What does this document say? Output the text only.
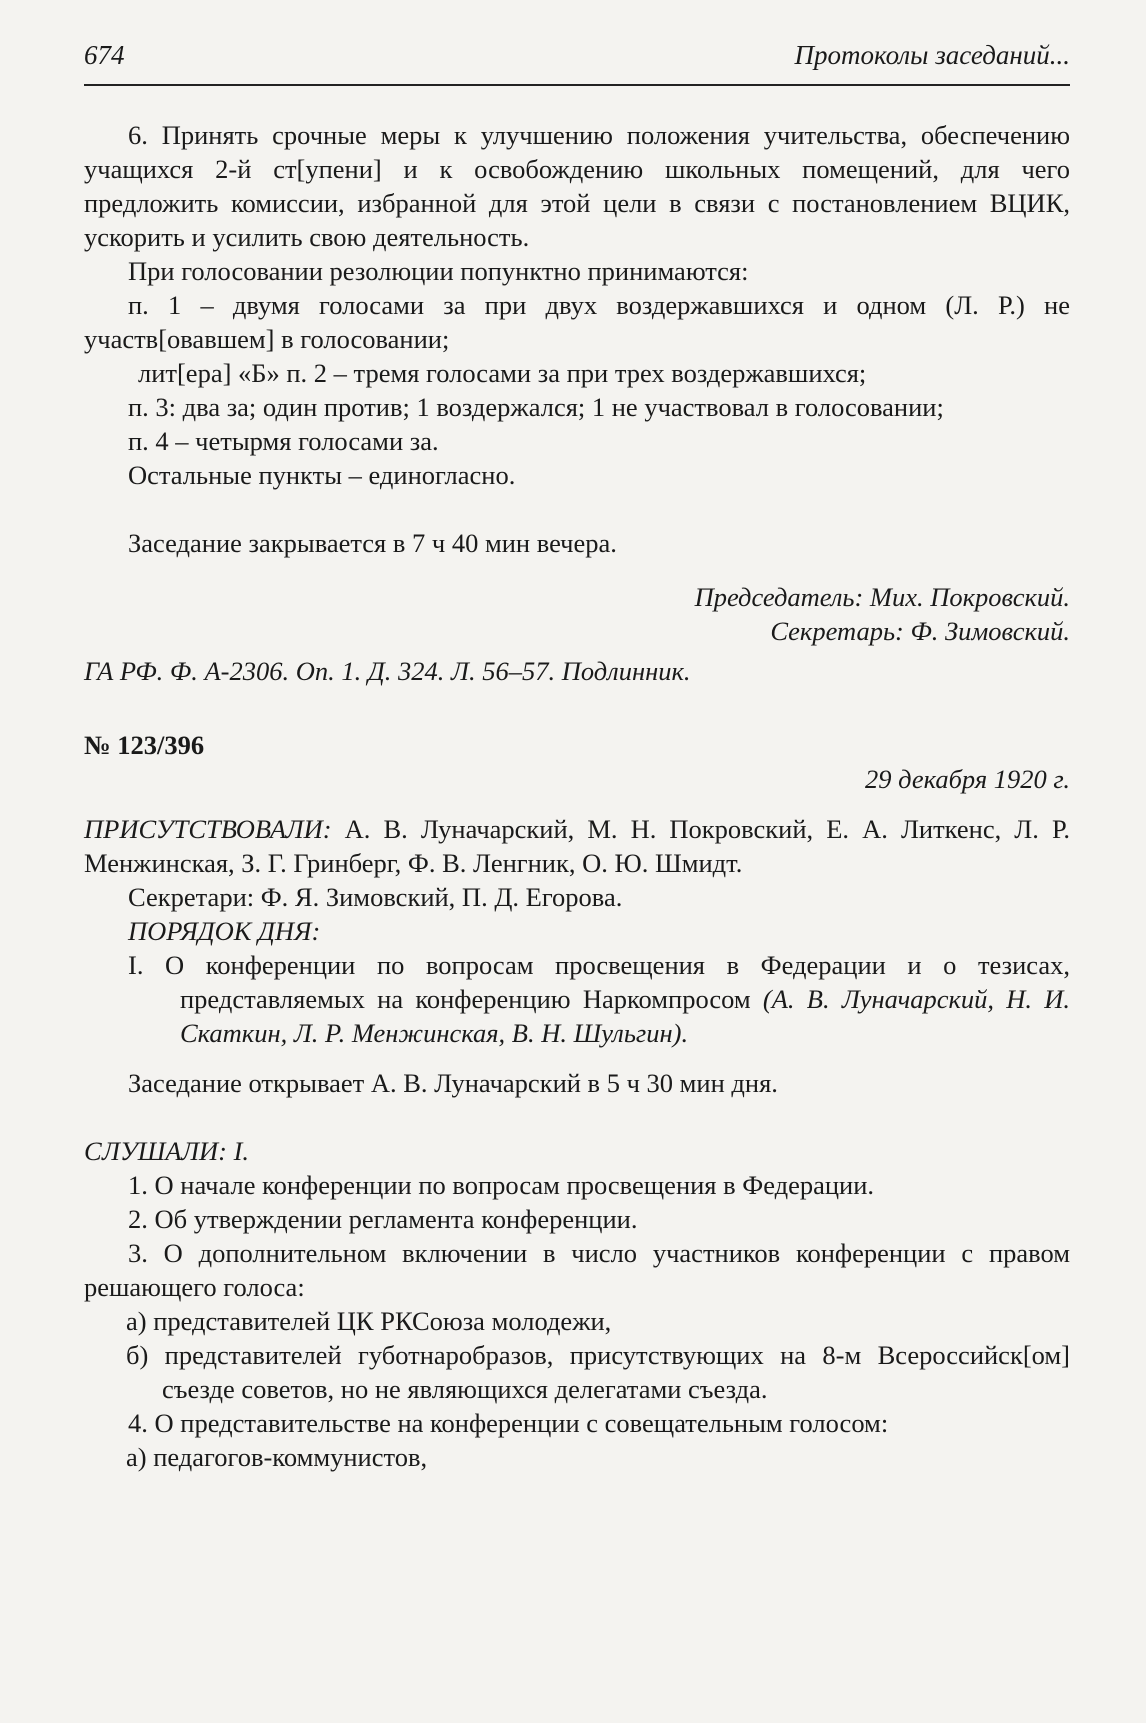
674	Протоколы заседаний...

6. Принять срочные меры к улучшению положения учительства, обеспечению учащихся 2-й ст[упени] и к освобождению школьных помещений, для чего предложить комиссии, избранной для этой цели в связи с постановлением ВЦИК, ускорить и усилить свою деятельность.

При голосовании резолюции попунктно принимаются:

п. 1 – двумя голосами за при двух воздержавшихся и одном (Л. Р.) не участв[овавшем] в голосовании;

лит[ера] «Б» п. 2 – тремя голосами за при трех воздержавшихся;

п. 3: два за; один против; 1 воздержался; 1 не участвовал в голосовании;

п. 4 – четырмя голосами за.

Остальные пункты – единогласно.

Заседание закрывается в 7 ч 40 мин вечера.

Председатель: Мих. Покровский.

Секретарь: Ф. Зимовский.

ГА РФ. Ф. А-2306. Оп. 1. Д. 324. Л. 56–57. Подлинник.

№ 123/396

29 декабря 1920 г.

ПРИСУТСТВОВАЛИ: А. В. Луначарский, М. Н. Покровский, Е. А. Литкенс, Л. Р. Менжинская, З. Г. Гринберг, Ф. В. Ленгник, О. Ю. Шмидт.

Секретари: Ф. Я. Зимовский, П. Д. Егорова.

ПОРЯДОК ДНЯ:

I. О конференции по вопросам просвещения в Федерации и о тезисах, представляемых на конференцию Наркомпросом (А. В. Луначарский, Н. И. Скаткин, Л. Р. Менжинская, В. Н. Шульгин).

Заседание открывает А. В. Луначарский в 5 ч 30 мин дня.

СЛУШАЛИ: I.

1. О начале конференции по вопросам просвещения в Федерации.

2. Об утверждении регламента конференции.

3. О дополнительном включении в число участников конференции с правом решающего голоса:

а) представителей ЦК РКСоюза молодежи,

б) представителей губотнаробразов, присутствующих на 8-м Всероссийск[ом] съезде советов, но не являющихся делегатами съезда.

4. О представительстве на конференции с совещательным голосом:

а) педагогов-коммунистов,
